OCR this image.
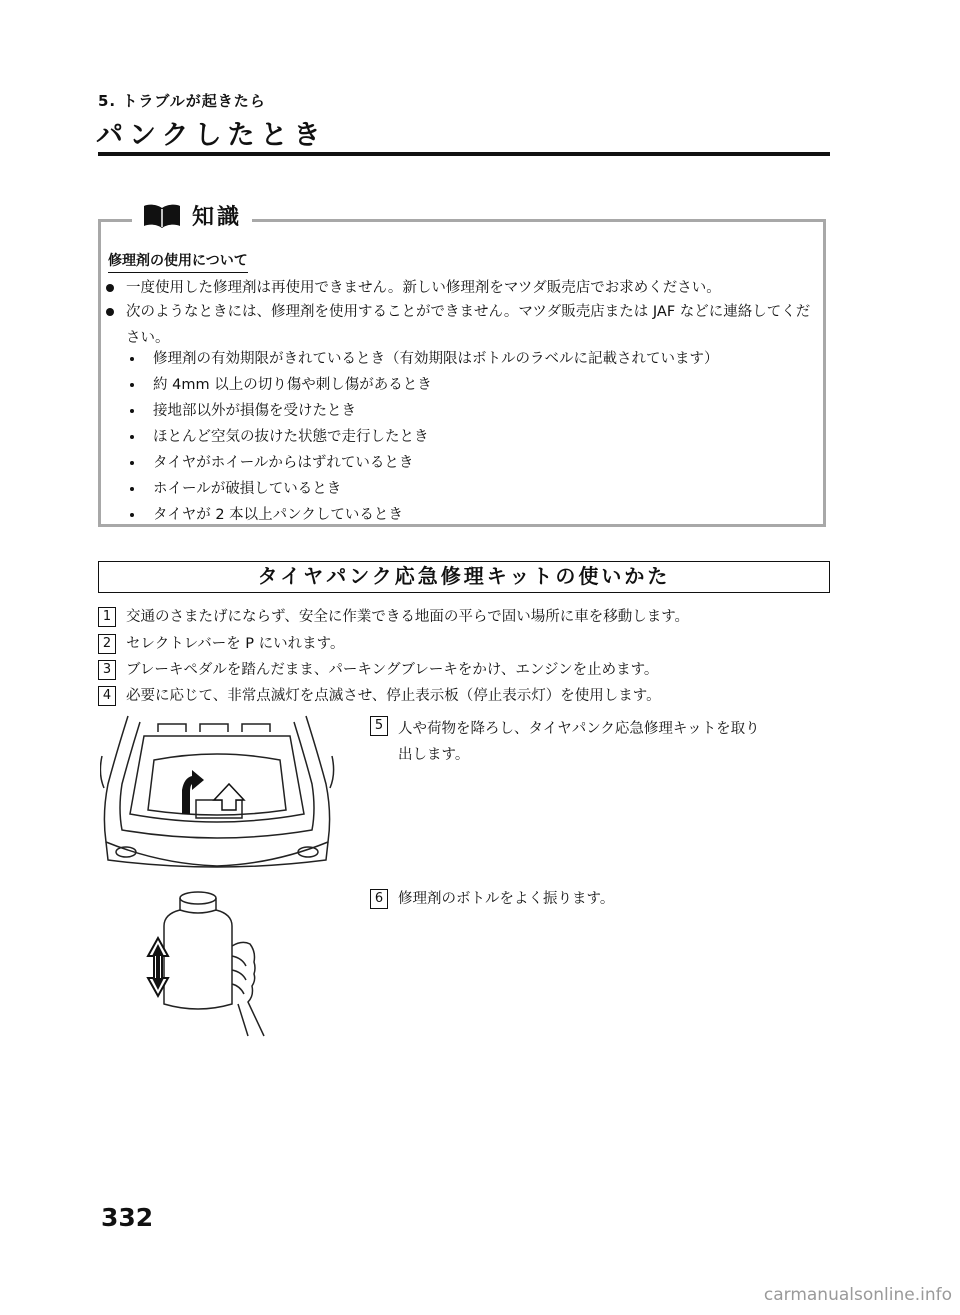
5. トラブルが起きたら
パンクしたとき
知識
修理剤の使用について
一度使用した修理剤は再使用できません。新しい修理剤をマツダ販売店でお求めください。
次のようなときには、修理剤を使用することができません。マツダ販売店または JAF などに連絡してください。
修理剤の有効期限がきれているとき（有効期限はボトルのラベルに記載されています）
約 4mm 以上の切り傷や刺し傷があるとき
接地部以外が損傷を受けたとき
ほとんど空気の抜けた状態で走行したとき
タイヤがホイールからはずれているとき
ホイールが破損しているとき
タイヤが 2 本以上パンクしているとき
タイヤパンク応急修理キットの使いかた
1 交通のさまたげにならず、安全に作業できる地面の平らで固い場所に車を移動します。
2 セレクトレバーを P にいれます。
3 ブレーキペダルを踏んだまま、パーキングブレーキをかけ、エンジンを止めます。
4 必要に応じて、非常点滅灯を点滅させ、停止表示板（停止表示灯）を使用します。
5 人や荷物を降ろし、タイヤパンク応急修理キットを取り
出します。
6 修理剤のボトルをよく振ります。
332
carmanualsonline.info
